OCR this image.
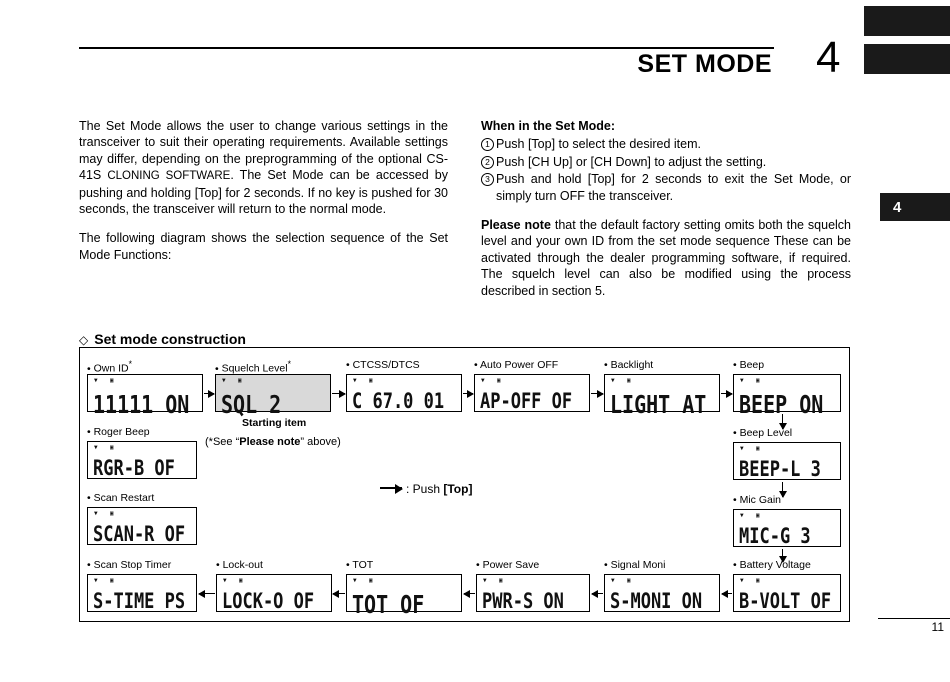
SET MODE 4
4

The Set Mode allows the user to change various settings in the transceiver to suit their operating requirements. Available settings may differ, depending on the preprogramming of the optional CS-41S CLONING SOFTWARE. The Set Mode can be accessed by pushing and holding [Top] for 2 seconds. If no key is pushed for 30 seconds, the transceiver will return to the normal mode.

The following diagram shows the selection sequence of the Set Mode Functions:

When in the Set Mode:

1 Push [Top] to select the desired item.
2 Push [CH Up] or [CH Down] to adjust the setting.
3 Push and hold [Top] for 2 seconds to exit the Set Mode, or simply turn OFF the transceiver.

Please note that the default factory setting omits both the squelch level and your own ID from the set mode sequence These can be activated through the dealer programming software, if required. The squelch level can also be modified using the process described in section 5.

◇ Set mode construction
• Own ID*	• Squelch Level*	• CTCSS/DTCS	• Auto Power OFF	• Backlight	• Beep
▼ ▣
11111 ON
▼ ▣
SQL 2
▼ ▣
C 67.0 01
▼ ▣
AP-OFF OF
▼ ▣
LIGHT AT
▼ ▣
BEEP ON
Starting item
(*See “Please note” above)
• Beep Level
▼ ▣
BEEP-L 3
• Mic Gain
▼ ▣
MIC-G 3
• Battery Voltage
• Signal Moni
• Power Save
• TOT
• Lock-out
• Scan Stop Timer
▼ ▣
B-VOLT OF
▼ ▣
S-MONI ON
▼ ▣
PWR-S ON
▼ ▣
TOT OF
▼ ▣
LOCK-O OF
▼ ▣
S-TIME PS
• Scan Restart
▼ ▣
SCAN-R OF
• Roger Beep
▼ ▣
RGR-B OF
: Push [Top]
11
